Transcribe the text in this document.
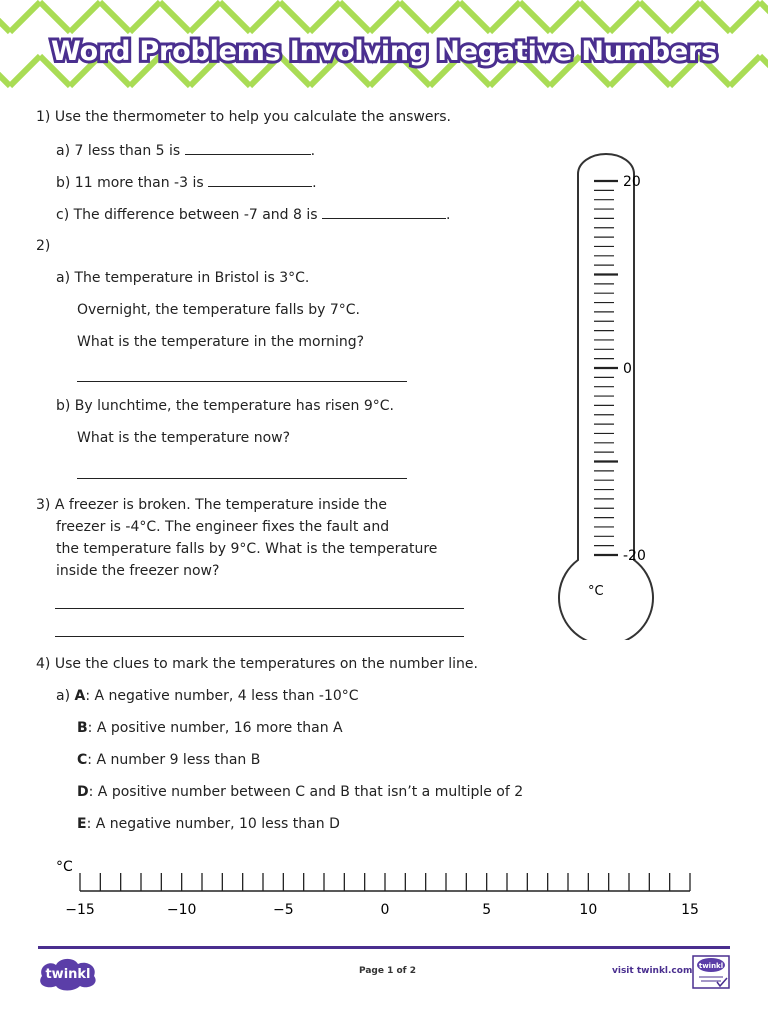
Word Problems Involving Negative Numbers
1) Use the thermometer to help you calculate the answers.
a) 7 less than 5 is	.
b) 11 more than -3 is	.
c) The difference between -7 and 8 is	.
2)
a) The temperature in Bristol is 3°C.
Overnight, the temperature falls by 7°C.
What is the temperature in the morning?
b) By lunchtime, the temperature has risen 9°C.
What is the temperature now?
3) A freezer is broken. The temperature inside the
freezer is -4°C. The engineer fixes the fault and
the temperature falls by 9°C. What is the temperature
inside the freezer now?
20
0
-20
°C
4) Use the clues to mark the temperatures on the number line.
a) A: A negative number, 4 less than -10°C
B: A positive number, 16 more than A
C: A number 9 less than B
D: A positive number between C and B that isn’t a multiple of 2
E: A negative number, 10 less than D
°C
−15	−10	−5	0	5	10	15
twinkl	Page 1 of 2	visit twinkl.com twinkl
